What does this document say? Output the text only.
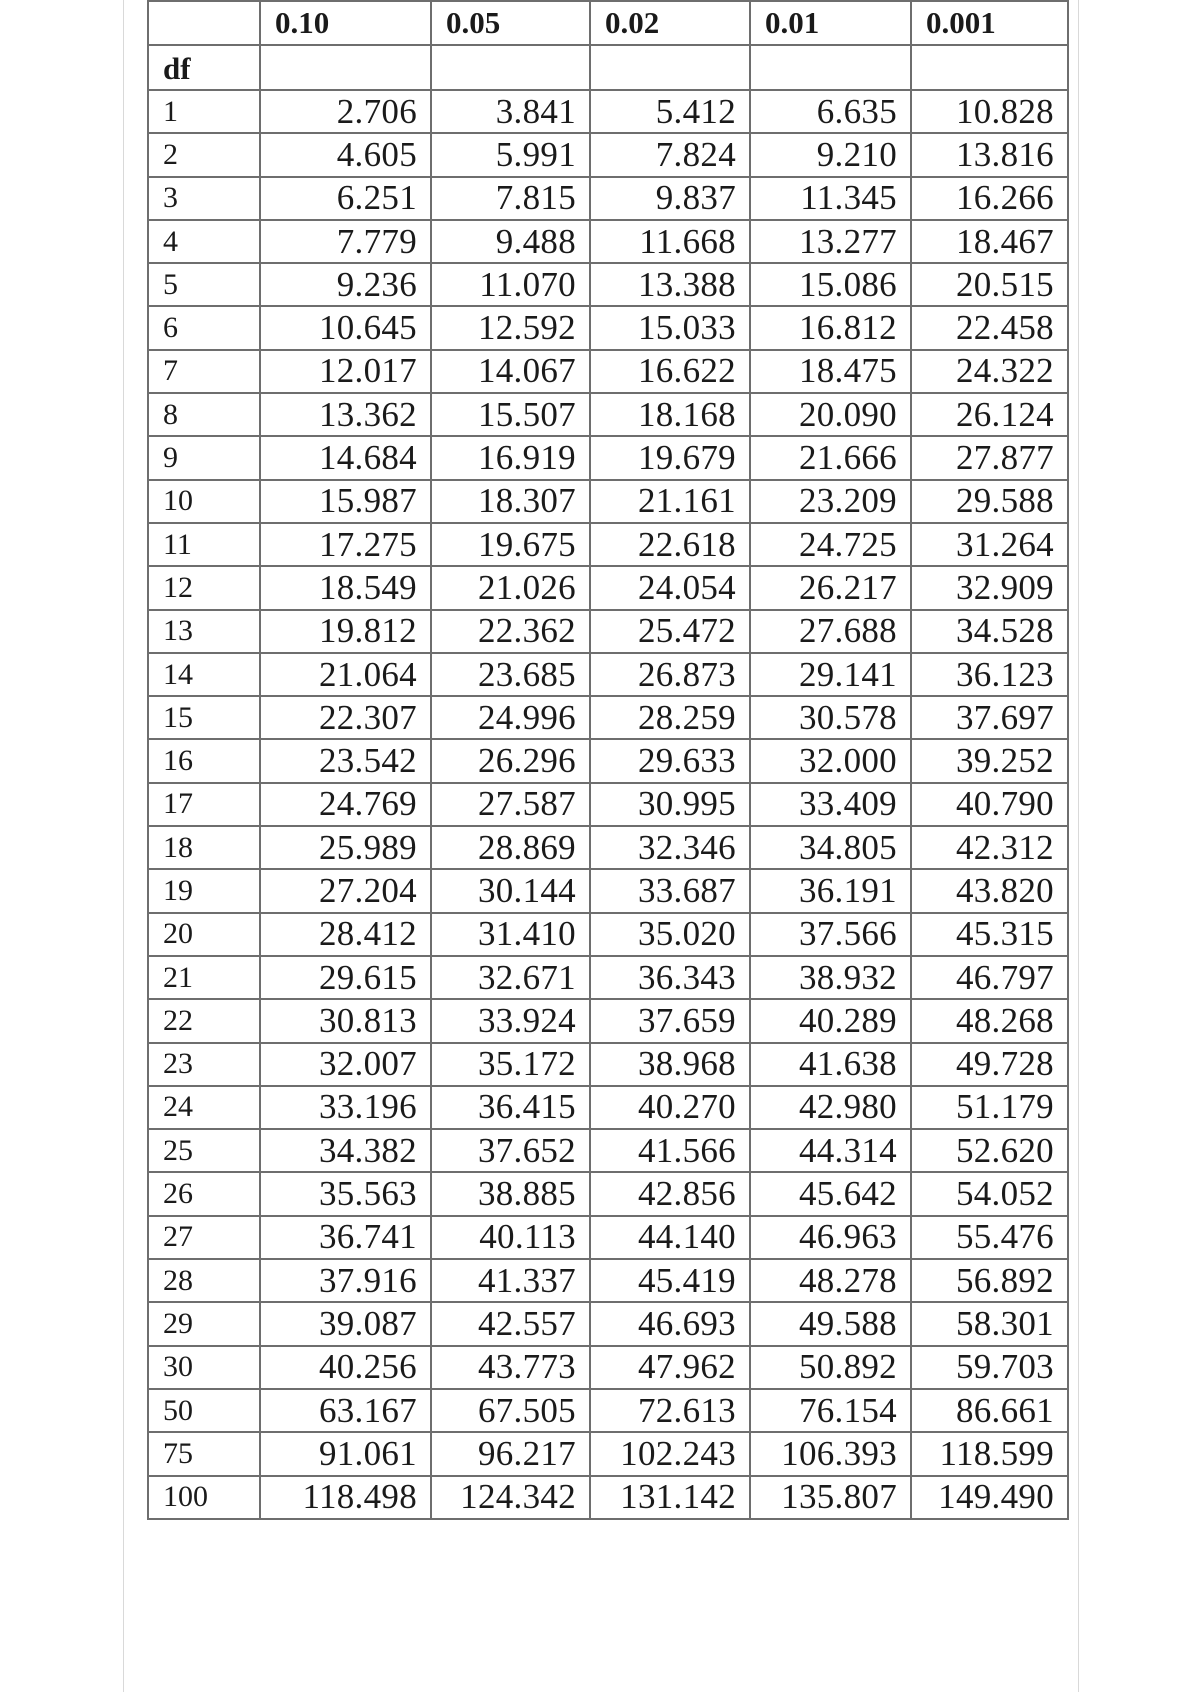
	0.10	0.05	0.02	0.01	0.001
df					
1	2.706	3.841	5.412	6.635	10.828
2	4.605	5.991	7.824	9.210	13.816
3	6.251	7.815	9.837	11.345	16.266
4	7.779	9.488	11.668	13.277	18.467
5	9.236	11.070	13.388	15.086	20.515
6	10.645	12.592	15.033	16.812	22.458
7	12.017	14.067	16.622	18.475	24.322
8	13.362	15.507	18.168	20.090	26.124
9	14.684	16.919	19.679	21.666	27.877
10	15.987	18.307	21.161	23.209	29.588
11	17.275	19.675	22.618	24.725	31.264
12	18.549	21.026	24.054	26.217	32.909
13	19.812	22.362	25.472	27.688	34.528
14	21.064	23.685	26.873	29.141	36.123
15	22.307	24.996	28.259	30.578	37.697
16	23.542	26.296	29.633	32.000	39.252
17	24.769	27.587	30.995	33.409	40.790
18	25.989	28.869	32.346	34.805	42.312
19	27.204	30.144	33.687	36.191	43.820
20	28.412	31.410	35.020	37.566	45.315
21	29.615	32.671	36.343	38.932	46.797
22	30.813	33.924	37.659	40.289	48.268
23	32.007	35.172	38.968	41.638	49.728
24	33.196	36.415	40.270	42.980	51.179
25	34.382	37.652	41.566	44.314	52.620
26	35.563	38.885	42.856	45.642	54.052
27	36.741	40.113	44.140	46.963	55.476
28	37.916	41.337	45.419	48.278	56.892
29	39.087	42.557	46.693	49.588	58.301
30	40.256	43.773	47.962	50.892	59.703
50	63.167	67.505	72.613	76.154	86.661
75	91.061	96.217	102.243	106.393	118.599
100	118.498	124.342	131.142	135.807	149.490
